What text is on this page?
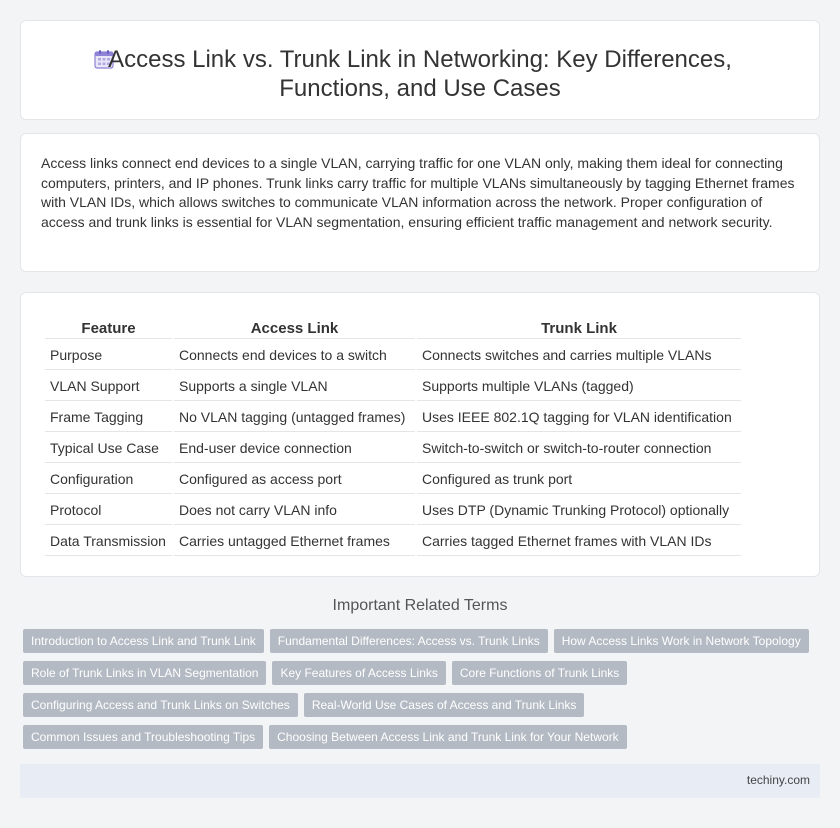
Access Link vs. Trunk Link in Networking: Key Differences, Functions, and Use Cases

Access links connect end devices to a single VLAN, carrying traffic for one VLAN only, making them ideal for connecting computers, printers, and IP phones. Trunk links carry traffic for multiple VLANs simultaneously by tagging Ethernet frames with VLAN IDs, which allows switches to communicate VLAN information across the network. Proper configuration of access and trunk links is essential for VLAN segmentation, ensuring efficient traffic management and network security.

Feature	Access Link	Trunk Link
Purpose	Connects end devices to a switch	Connects switches and carries multiple VLANs
VLAN Support	Supports a single VLAN	Supports multiple VLANs (tagged)
Frame Tagging	No VLAN tagging (untagged frames)	Uses IEEE 802.1Q tagging for VLAN identification
Typical Use Case	End-user device connection	Switch-to-switch or switch-to-router connection
Configuration	Configured as access port	Configured as trunk port
Protocol	Does not carry VLAN info	Uses DTP (Dynamic Trunking Protocol) optionally
Data Transmission	Carries untagged Ethernet frames	Carries tagged Ethernet frames with VLAN IDs
Important Related Terms
Introduction to Access Link and Trunk Link	Fundamental Differences: Access vs. Trunk Links	How Access Links Work in Network Topology
Role of Trunk Links in VLAN Segmentation	Key Features of Access Links	Core Functions of Trunk Links
Configuring Access and Trunk Links on Switches	Real-World Use Cases of Access and Trunk Links
Common Issues and Troubleshooting Tips	Choosing Between Access Link and Trunk Link for Your Network
techiny.com
